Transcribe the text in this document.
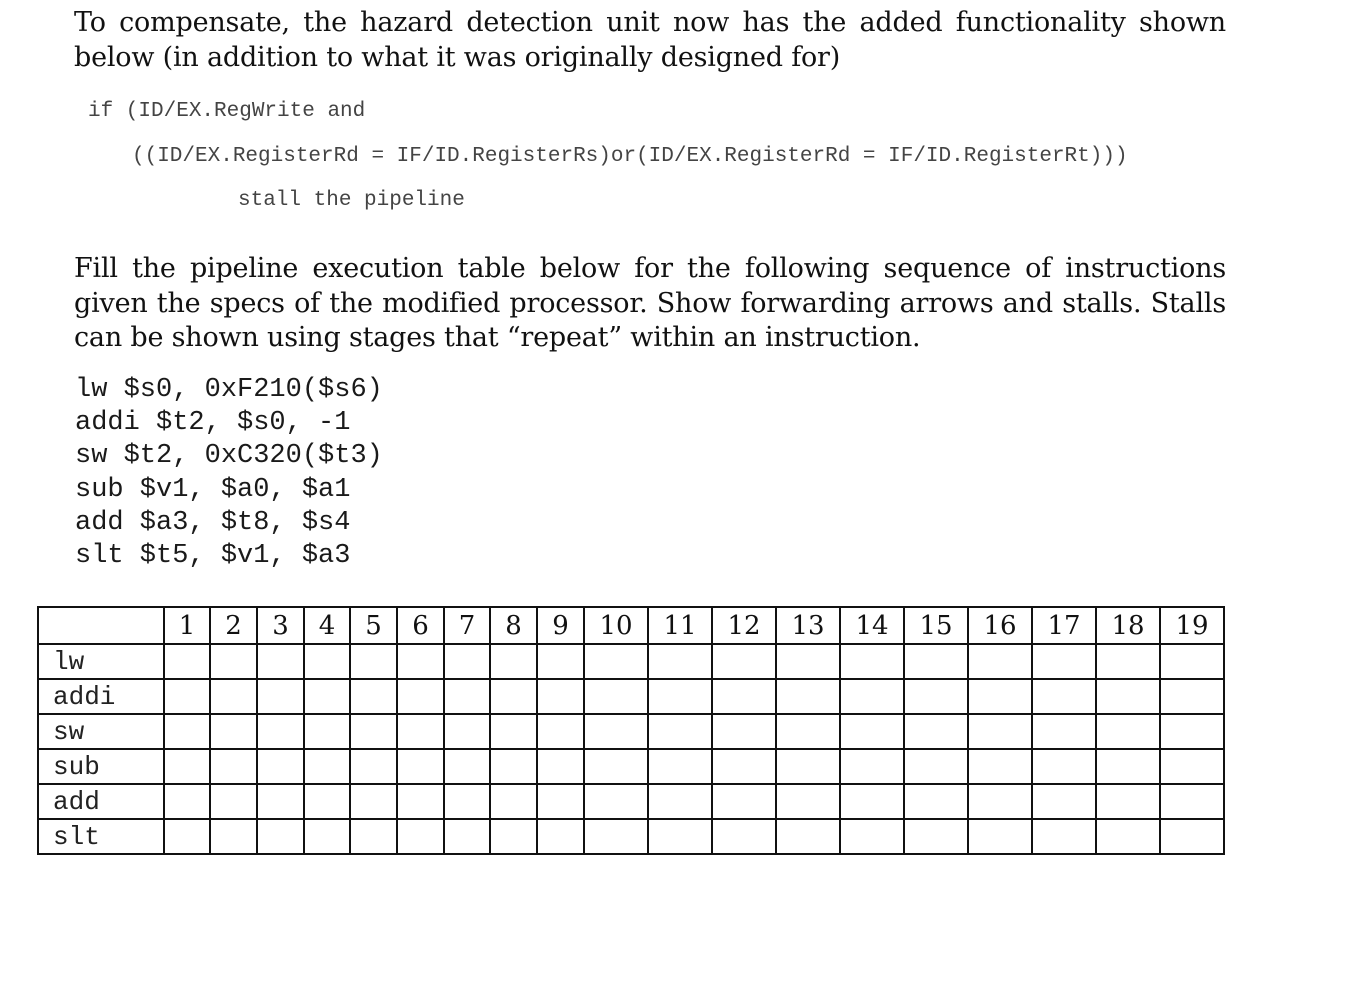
To compensate, the hazard detection unit now has the added functionality shown below (in addition to what it was originally designed for)
if (ID/EX.RegWrite and
((ID/EX.RegisterRd = IF/ID.RegisterRs)or(ID/EX.RegisterRd = IF/ID.RegisterRt)))
stall the pipeline
Fill the pipeline execution table below for the following sequence of instructions given the specs of the modified processor. Show forwarding arrows and stalls. Stalls can be shown using stages that “repeat” within an instruction.
lw $s0, 0xF210($s6)
addi $t2, $s0, -1
sw $t2, 0xC320($t3)
sub $v1, $a0, $a1
add $a3, $t8, $s4
slt $t5, $v1, $a3
	1	2	3	4	5	6	7	8	9	10	11	12	13	14	15	16	17	18	19
lw																			
addi																			
sw																			
sub																			
add																			
slt																			
